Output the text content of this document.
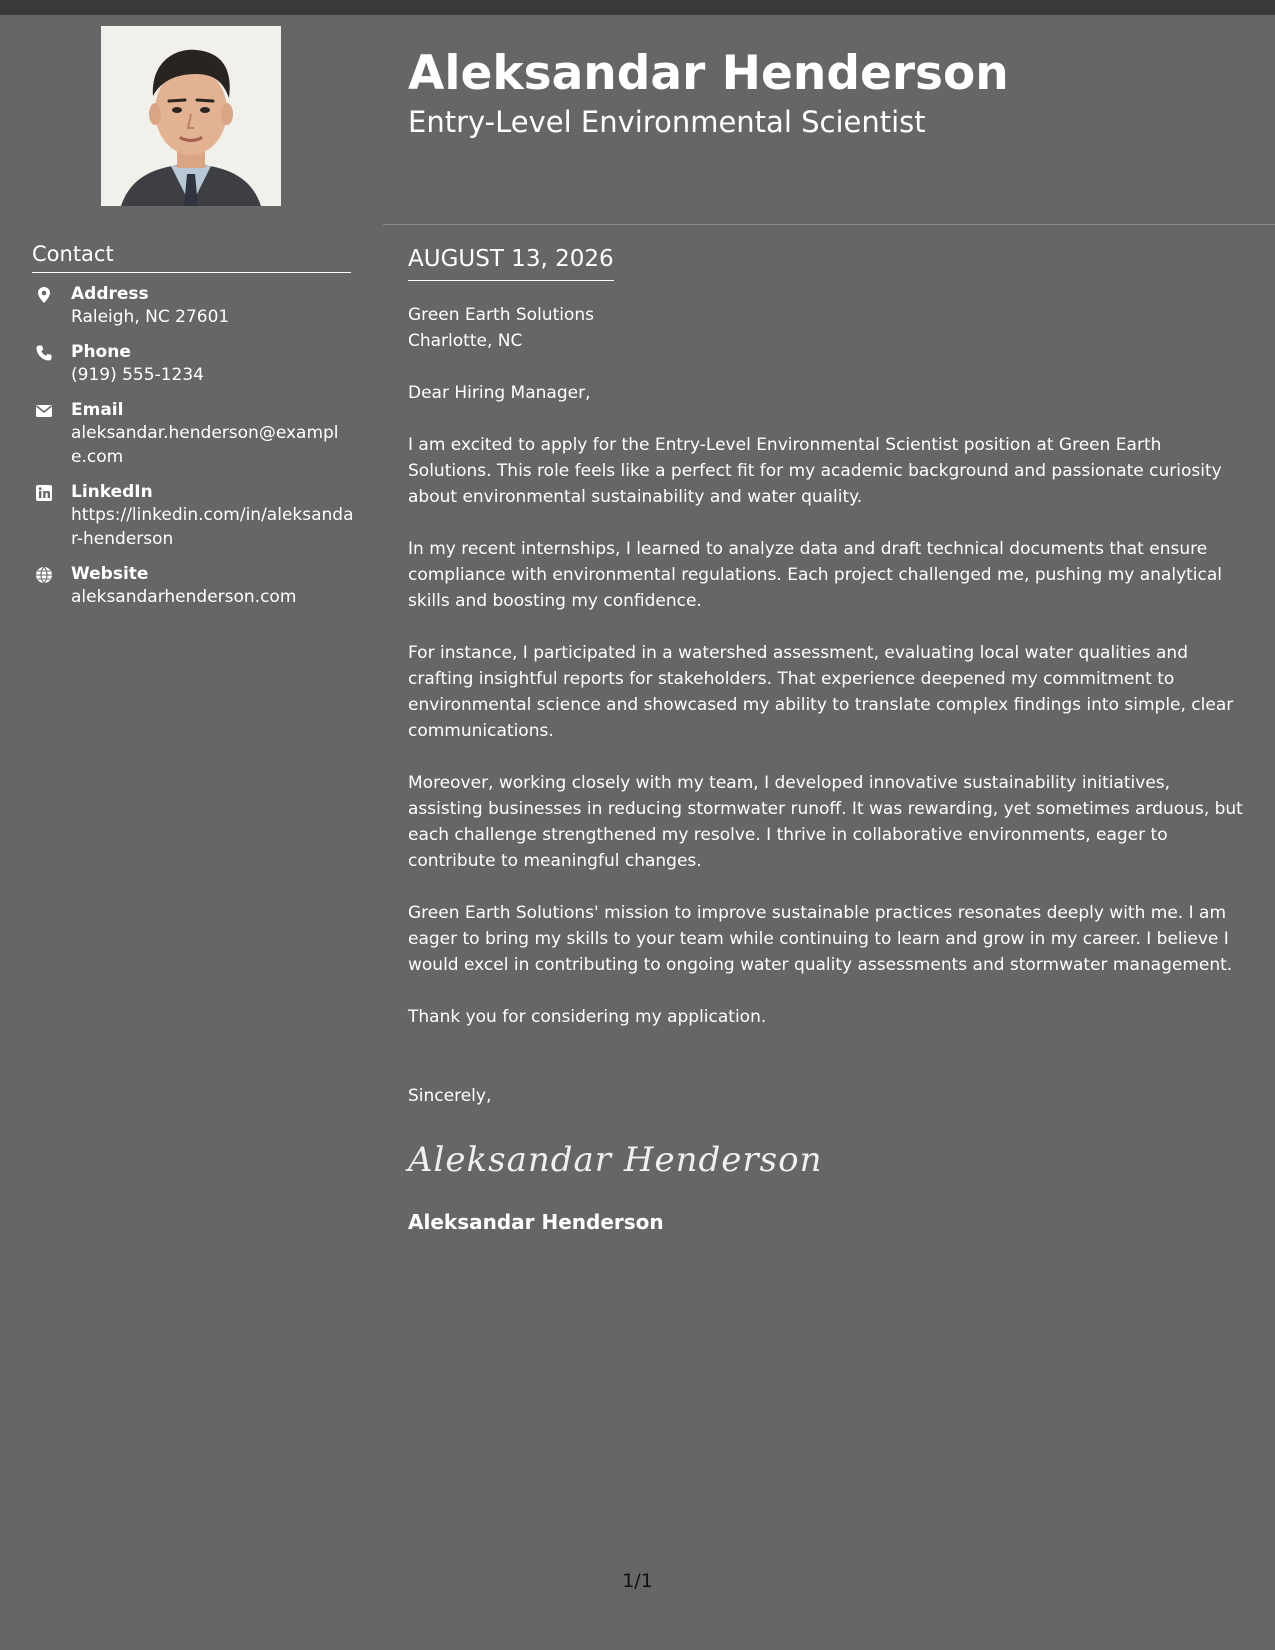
Contact
Address
Raleigh, NC 27601
Phone
(919) 555-1234
Email
aleksandar.henderson@example.com
LinkedIn
https://linkedin.com/in/aleksandar-henderson
Website
aleksandarhenderson.com
Aleksandar Henderson
Entry-Level Environmental Scientist
AUGUST 13, 2026
Green Earth Solutions
Charlotte, NC

Dear Hiring Manager,

I am excited to apply for the Entry-Level Environmental Scientist position at Green Earth Solutions. This role feels like a perfect fit for my academic background and passionate curiosity about environmental sustainability and water quality.

In my recent internships, I learned to analyze data and draft technical documents that ensure compliance with environmental regulations. Each project challenged me, pushing my analytical skills and boosting my confidence.

For instance, I participated in a watershed assessment, evaluating local water qualities and crafting insightful reports for stakeholders. That experience deepened my commitment to environmental science and showcased my ability to translate complex findings into simple, clear communications.

Moreover, working closely with my team, I developed innovative sustainability initiatives, assisting businesses in reducing stormwater runoff. It was rewarding, yet sometimes arduous, but each challenge strengthened my resolve. I thrive in collaborative environments, eager to contribute to meaningful changes.

Green Earth Solutions' mission to improve sustainable practices resonates deeply with me. I am eager to bring my skills to your team while continuing to learn and grow in my career. I believe I would excel in contributing to ongoing water quality assessments and stormwater management.

Thank you for considering my application.

Sincerely,

Aleksandar Henderson
Aleksandar Henderson
1/1
